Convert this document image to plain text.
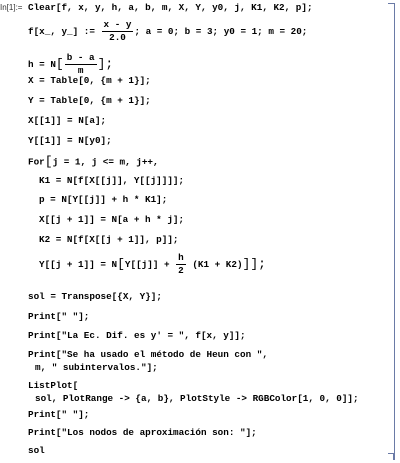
In[1]:=

Clear[f, x, y, h, a, b, m, X, Y, y0, j, K1, K2, p];

f[x_, y_] := $\frac{x - y}{2.0}$ ; a = 0; b = 3; y0 = 1; m = 20;

$h = N[ \frac{b - a}{m}$ ];

X = Table[0, {m + 1}];

Y = Table[0, {m + 1}];

X[[1]] = N[a];

Y[[1]] = N[y0];

For[j = 1, j <= m, j++,

K1 = N[f[X[[j]], Y[[j]]]];

p = N[Y[[j]] + h * K1];

X[[j + 1]] = N[a + h * j];

K2 = N[f[X[[j + 1]], p]];

$Y[[j + 1]] = N[Y[[j]] + \frac{h}{2} (K1 + K2)]$];

sol = Transpose[{X, Y}];

Print[" "];

Print["La Ec. Dif. es y' = ", f[x, y]];

Print["Se ha usado el método de Heun con ",

m, " subintervalos."];

ListPlot[

sol, PlotRange -> {a, b}, PlotStyle -> RGBColor[1, 0, 0]];

Print[" "];

Print["Los nodos de aproximación son: "];

sol
